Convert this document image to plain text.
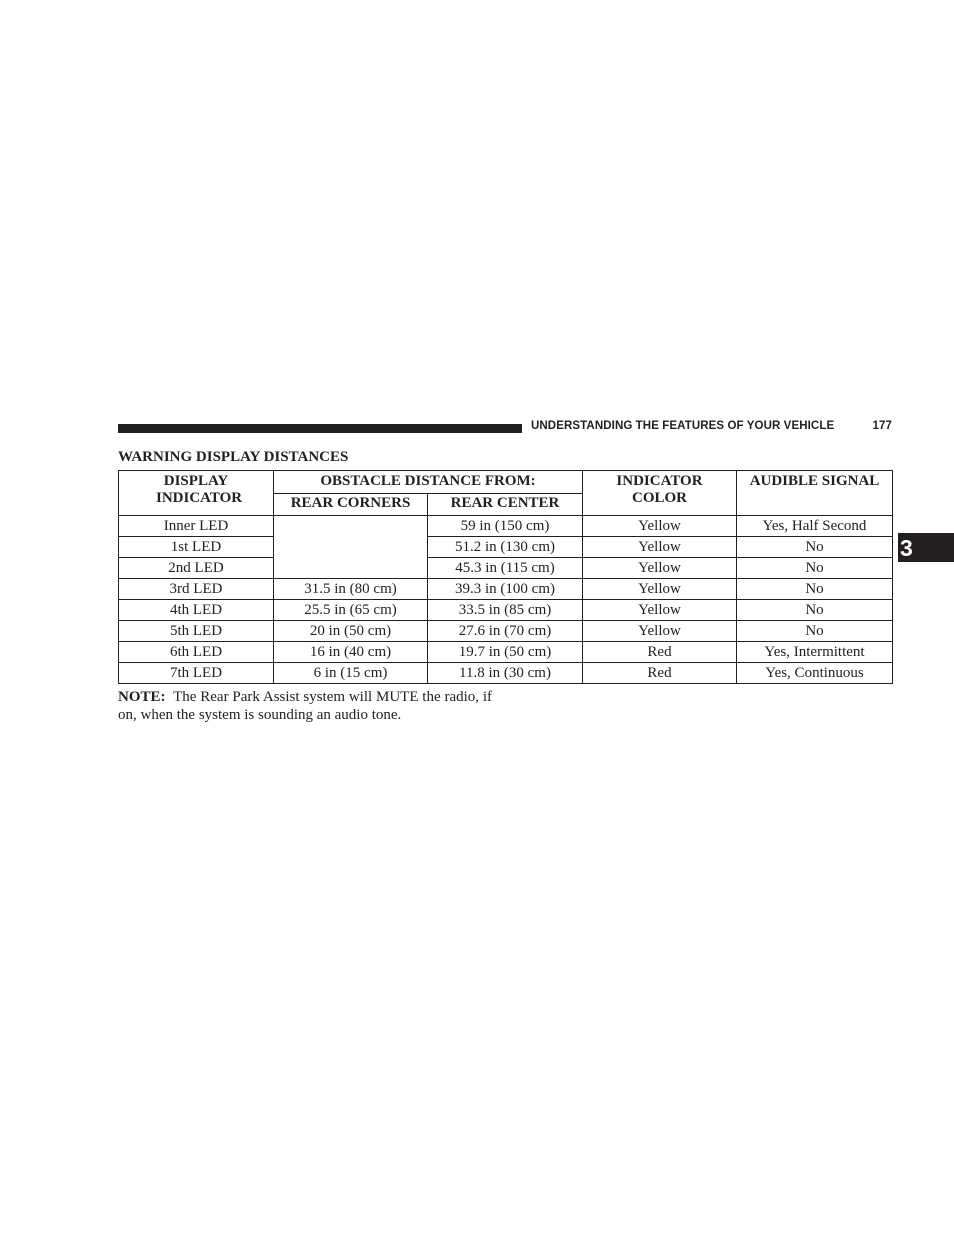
UNDERSTANDING THE FEATURES OF YOUR VEHICLE	177
WARNING DISPLAY DISTANCES
DISPLAY INDICATOR	OBSTACLE DISTANCE FROM:		INDICATOR COLOR	AUDIBLE SIGNAL
	REAR CORNERS	REAR CENTER		
Inner LED		59 in (150 cm)	Yellow	Yes, Half Second
1st LED		51.2 in (130 cm)	Yellow	No
2nd LED		45.3 in (115 cm)	Yellow	No
3rd LED	31.5 in (80 cm)	39.3 in (100 cm)	Yellow	No
4th LED	25.5 in (65 cm)	33.5 in (85 cm)	Yellow	No
5th LED	20 in (50 cm)	27.6 in (70 cm)	Yellow	No
6th LED	16 in (40 cm)	19.7 in (50 cm)	Red	Yes, Intermittent
7th LED	6 in (15 cm)	11.8 in (30 cm)	Red	Yes, Continuous
NOTE: The Rear Park Assist system will MUTE the radio, if on, when the system is sounding an audio tone.
3
